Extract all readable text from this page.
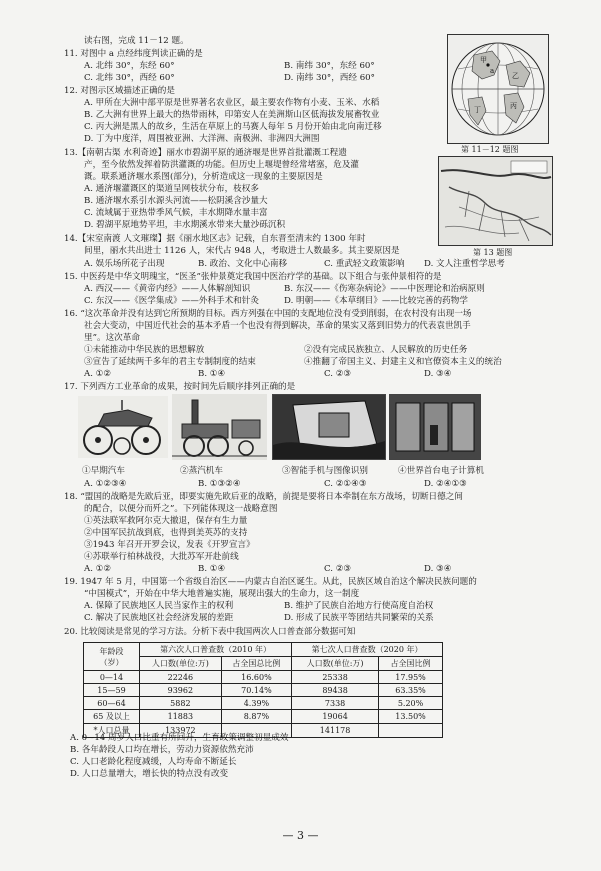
读右图，完成 11－12 题。
11. 对图中 a 点经纬度判读正确的是
A. 北纬 30°，东经 60°	B. 南纬 30°，东经 60°
C. 北纬 30°，西经 60°	D. 南纬 30°，西经 60°
12. 对图示区域描述正确的是
A. 甲所在大洲中部平原是世界著名农业区，最主要农作物有小麦、玉米、水稻
B. 乙大洲有世界上最大的热带雨林，印第安人在美洲斯山区低海拔发展畜牧业
C. 丙大洲是黑人的故乡，生活在草原上的马赛人每年 5 月份开始由北向南迁移
D. 丁为中度洋，周围被亚洲、大洋洲、南极洲、非洲四大洲围
甲
乙
丙
丁
a
第 11－12 题图
13.【南朝古渠 水利奇迹】丽水市碧湖平原的通济堰是世界首批灌溉工程遗
产，至今依然发挥着防洪灌溉的功能。但历史上堰堤曾经常堵塞，危及灌
溉。联系通济堰水系图(部分)，分析造成这一现象的主要原因是
A. 通济堰灌溉区的渠道呈网枝状分布，枝权多
B. 通济堰水系引水源头河流——松阴溪含沙量大
C. 流域属于亚热带季风气候，丰水期降水量丰富
D. 碧湖平原地势平坦，丰水期溪水带来大量沙砾沉积
第 13 题图
14.【宋室南渡 人文璀璨】据《丽水地区志》记载，自东晋至清末约 1300 年时
间里，丽水共出进士 1126 人，宋代占 948 人，考取进士人数最多。其主要原因是
A. 娱乐场所花子出现	B. 政治、文化中心南移	C. 重武轻文政策影响 D. 文人注重哲学思考
15. 中医药是中华文明瑰宝，“医圣”张仲景奠定我国中医治疗学的基础。以下组合与张仲景相符的是
A. 西汉——《黄帝内经》——人体解剖知识	B. 东汉——《伤寒杂病论》——中医理论和治病原则
C. 东汉——《医学集成》——外科手术和针灸	D. 明朝——《本草纲目》——比较完善的药物学
16. “这次革命并没有达到它所预期的目标。西方列强在中国的支配地位没有受到削弱，在农村没有出现一场
社会大变动，中国近代社会的基本矛盾一个也没有得到解决，革命的果实又落到旧势力的代表袁世凯手
里”。这次革命
①未能推动中华民族的思想解放	②没有完成民族独立、人民解放的历史任务
③宣告了延续两千多年的君主专制制度的结束	④推翻了帝国主义、封建主义和官僚资本主义的统治
A. ①②	B. ①④	C. ②③	D. ③④
17. 下列西方工业革命的成果，按时间先后顺序排列正确的是
①早期汽车	②蒸汽机车	③智能手机与图像识别	④世界首台电子计算机
A. ①②③④	B. ①③②④	C. ②①④③	D. ②④①③
18. “盟国的战略是先欧后亚，即要实施先欧后亚的战略，前提是要将日本牵制在东方战场，切断日德之间
的配合，以便分而歼之”。下列能体现这一战略意图
①英法联军救阿尔克大撤退，保存有生力量
②中国军民抗战到底，也得到美英苏的支持
③1943 年召开开罗会议，发表《开罗宣言》
④苏联举行柏林战役，大批苏军开赴前线
A. ①②	B. ①④	C. ②③	D. ③④
19. 1947 年 5 月，中国第一个省级自治区——内蒙古自治区诞生。从此，民族区域自治这个解决民族问题的
“中国模式”，开始在中华大地普遍实施，展现出强大的生命力，这一制度
A. 保障了民族地区人民当家作主的权利	B. 维护了民族自治地方行使高度自治权
C. 解决了民族地区社会经济发展的差距	D. 形成了民族平等团结共同繁荣的关系
20. 比较阅读是常见的学习方法。分析下表中我国两次人口普查部分数据可知
年龄段
（岁）	第六次人口普查数（2010 年）		第七次人口普查数（2020 年）	
	人口数(单位:万)	占全国总比例	人口数(单位:万)	占全国比例
0—14	22246	16.60%	25338	17.95%
15—59	93962	70.14%	89438	63.35%
60—64	5882	4.39%	7338	5.20%
65 及以上	11883	8.87%	19064	13.50%
*人口总量	133972		141178	
A. 0~14 周岁人口比重有所回升，生育政策调整初显成效
B. 各年龄段人口均在增长，劳动力资源依然充沛
C. 人口老龄化程度减缓，人均寿命不断延长
D. 人口总量增大，增长快的特点没有改变
— 3 —
